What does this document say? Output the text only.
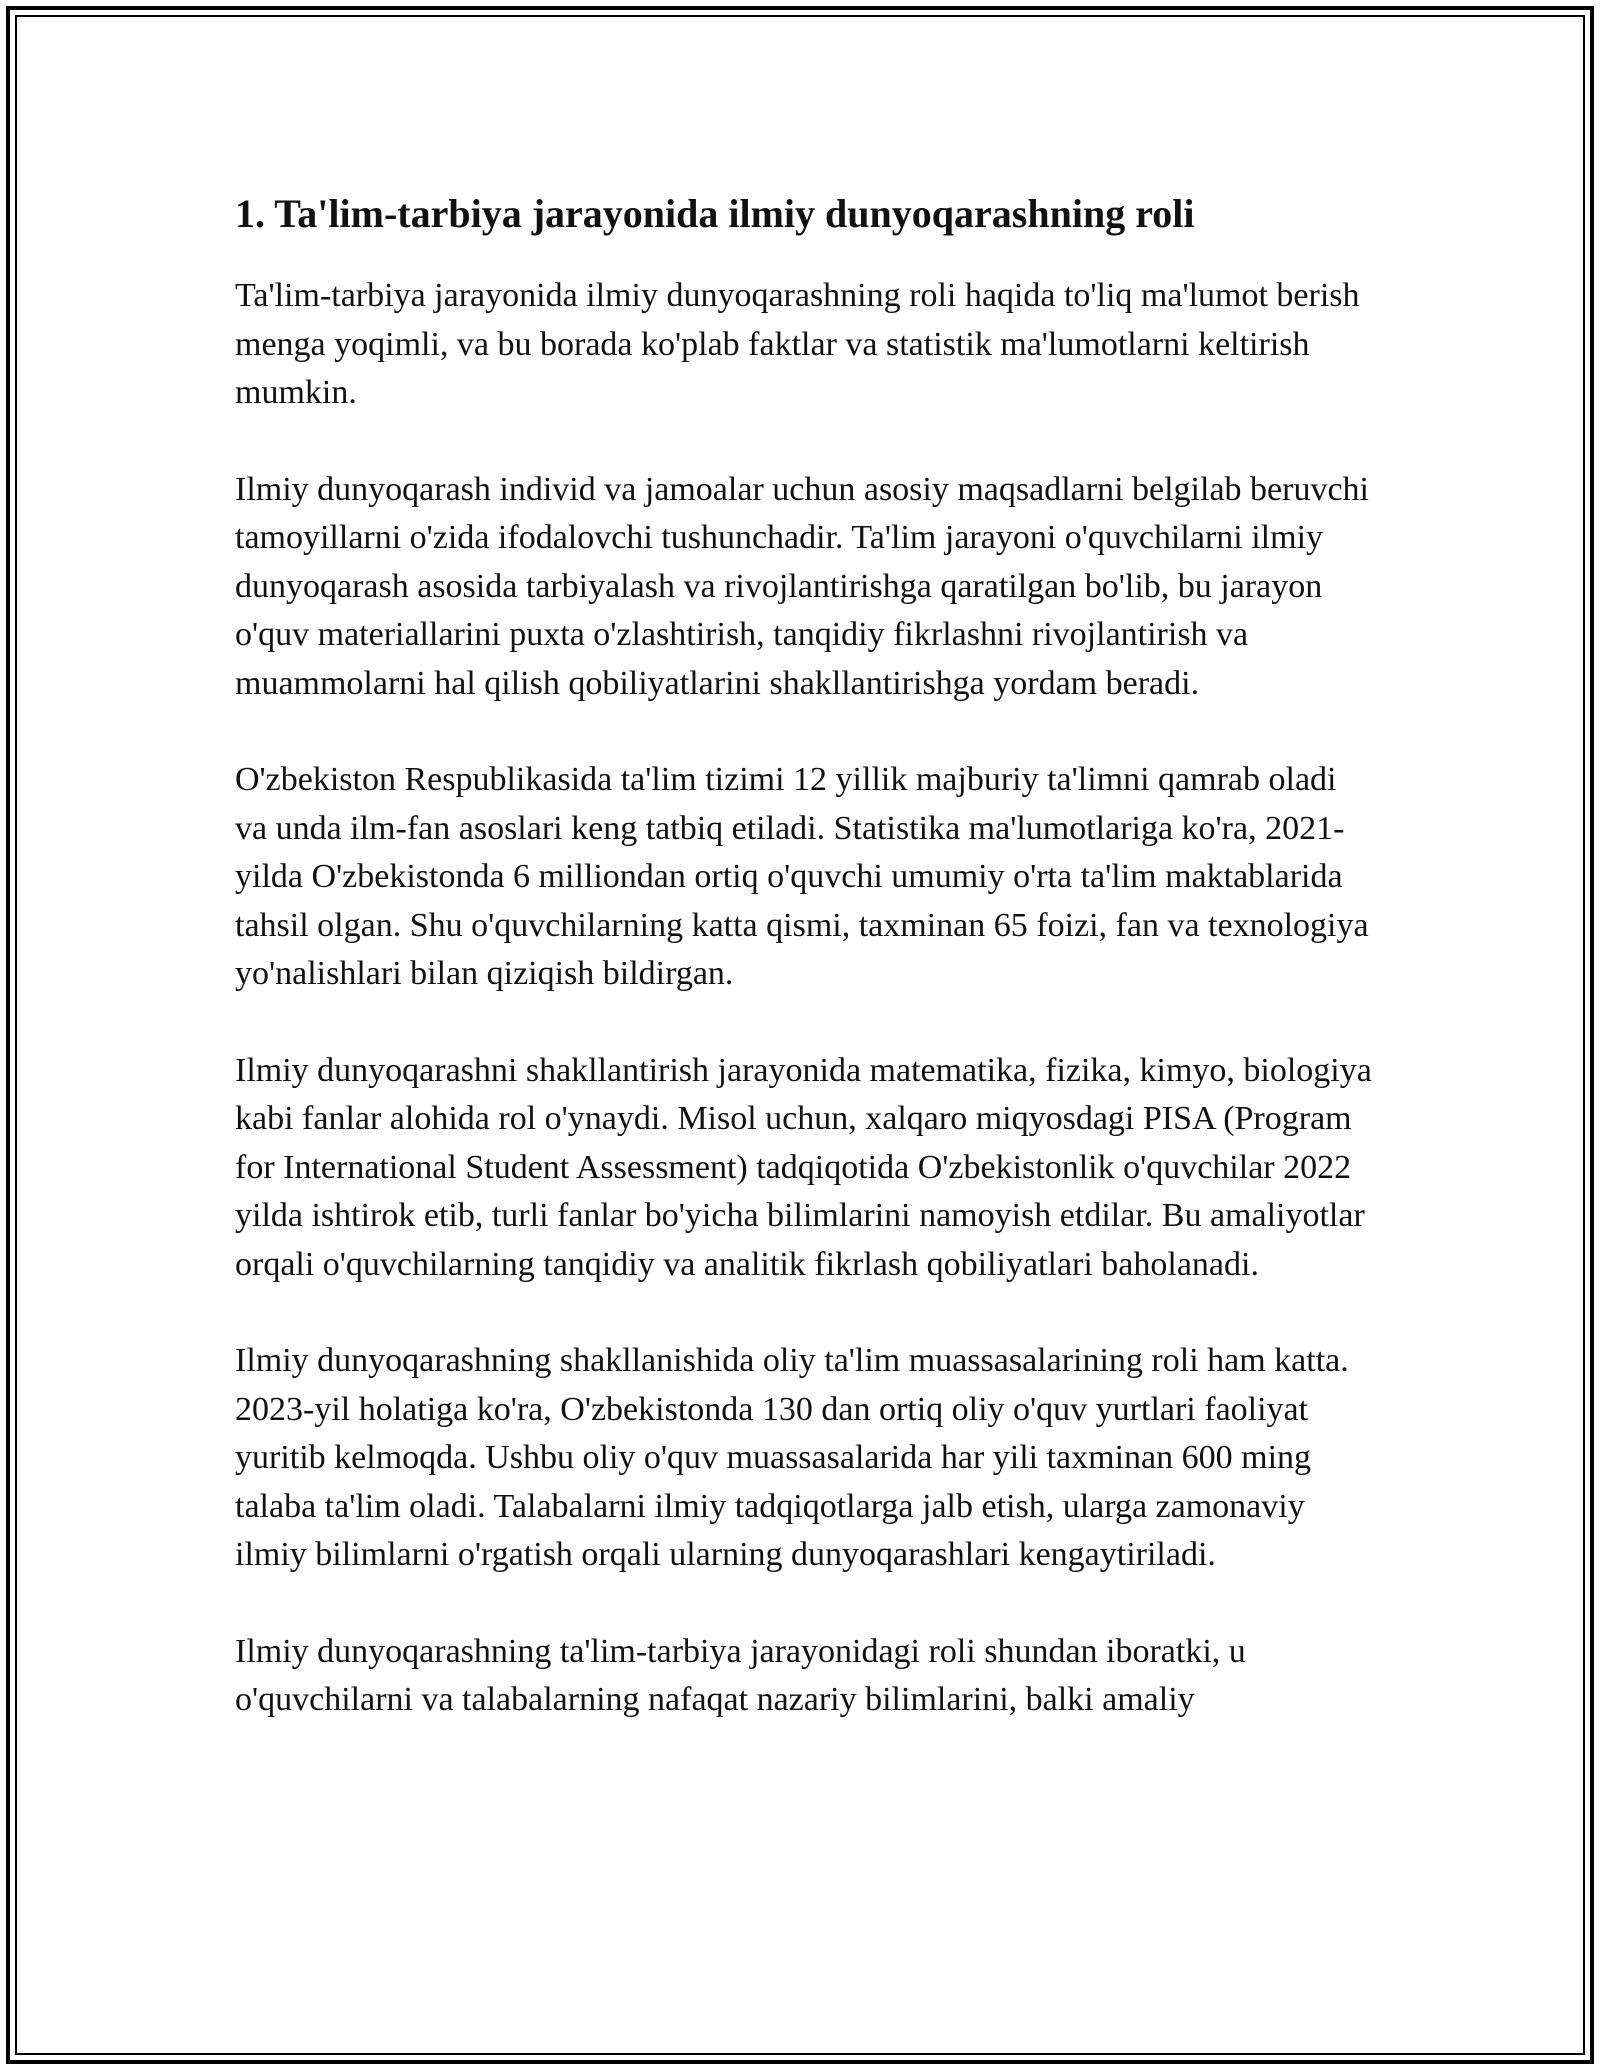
1. Ta'lim-tarbiya jarayonida ilmiy dunyoqarashning roli

Ta'lim-tarbiya jarayonida ilmiy dunyoqarashning roli haqida to'liq ma'lumot berish menga yoqimli, va bu borada ko'plab faktlar va statistik ma'lumotlarni keltirish mumkin.

Ilmiy dunyoqarash individ va jamoalar uchun asosiy maqsadlarni belgilab beruvchi tamoyillarni o'zida ifodalovchi tushunchadir. Ta'lim jarayoni o'quvchilarni ilmiy dunyoqarash asosida tarbiyalash va rivojlantirishga qaratilgan bo'lib, bu jarayon o'quv materiallarini puxta o'zlashtirish, tanqidiy fikrlashni rivojlantirish va muammolarni hal qilish qobiliyatlarini shakllantirishga yordam beradi.

O'zbekiston Respublikasida ta'lim tizimi 12 yillik majburiy ta'limni qamrab oladi va unda ilm-fan asoslari keng tatbiq etiladi. Statistika ma'lumotlariga ko'ra, 2021-yilda O'zbekistonda 6 milliondan ortiq o'quvchi umumiy o'rta ta'lim maktablarida tahsil olgan. Shu o'quvchilarning katta qismi, taxminan 65 foizi, fan va texnologiya yo'nalishlari bilan qiziqish bildirgan.

Ilmiy dunyoqarashni shakllantirish jarayonida matematika, fizika, kimyo, biologiya kabi fanlar alohida rol o'ynaydi. Misol uchun, xalqaro miqyosdagi PISA (Program for International Student Assessment) tadqiqotida O'zbekistonlik o'quvchilar 2022 yilda ishtirok etib, turli fanlar bo'yicha bilimlarini namoyish etdilar. Bu amaliyotlar orqali o'quvchilarning tanqidiy va analitik fikrlash qobiliyatlari baholanadi.

Ilmiy dunyoqarashning shakllanishida oliy ta'lim muassasalarining roli ham katta. 2023-yil holatiga ko'ra, O'zbekistonda 130 dan ortiq oliy o'quv yurtlari faoliyat yuritib kelmoqda. Ushbu oliy o'quv muassasalarida har yili taxminan 600 ming talaba ta'lim oladi. Talabalarni ilmiy tadqiqotlarga jalb etish, ularga zamonaviy ilmiy bilimlarni o'rgatish orqali ularning dunyoqarashlari kengaytiriladi.

Ilmiy dunyoqarashning ta'lim-tarbiya jarayonidagi roli shundan iboratki, u o'quvchilarni va talabalarning nafaqat nazariy bilimlarini, balki amaliy
